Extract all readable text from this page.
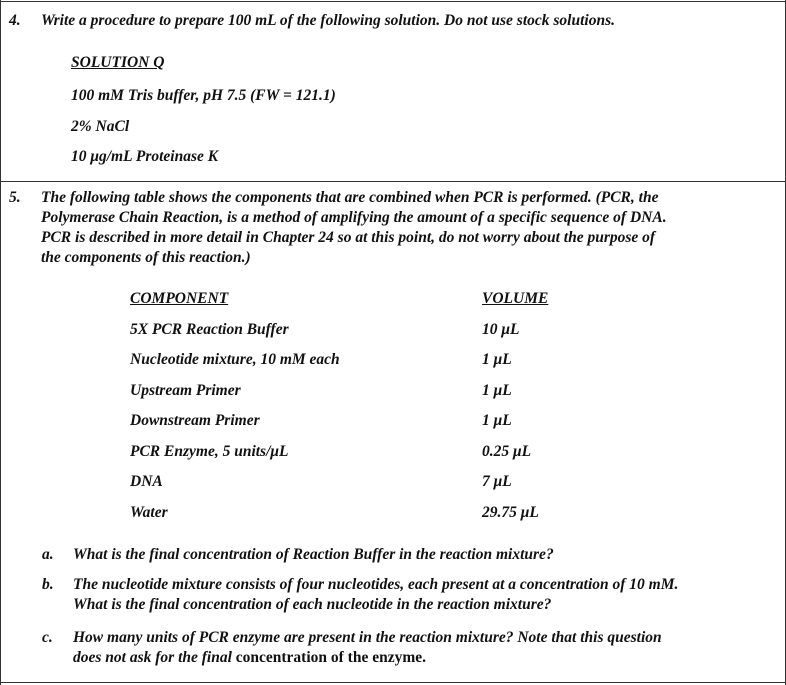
4. Write a procedure to prepare 100 mL of the following solution. Do not use stock solutions.
SOLUTION Q
100 mM Tris buffer, pH 7.5 (FW = 121.1)
2% NaCl
10 μg/mL Proteinase K
5. The following table shows the components that are combined when PCR is performed. (PCR, the
Polymerase Chain Reaction, is a method of amplifying the amount of a specific sequence of DNA.
PCR is described in more detail in Chapter 24 so at this point, do not worry about the purpose of
the components of this reaction.)
COMPONENT	VOLUME
5X PCR Reaction Buffer	10 μL
Nucleotide mixture, 10 mM each	1 μL
Upstream Primer	1 μL
Downstream Primer	1 μL
PCR Enzyme, 5 units/μL	0.25 μL
DNA	7 μL
Water	29.75 μL
a. What is the final concentration of Reaction Buffer in the reaction mixture?
b. The nucleotide mixture consists of four nucleotides, each present at a concentration of 10 mM.
What is the final concentration of each nucleotide in the reaction mixture?
c. How many units of PCR enzyme are present in the reaction mixture? Note that this question
does not ask for the final concentration of the enzyme.
